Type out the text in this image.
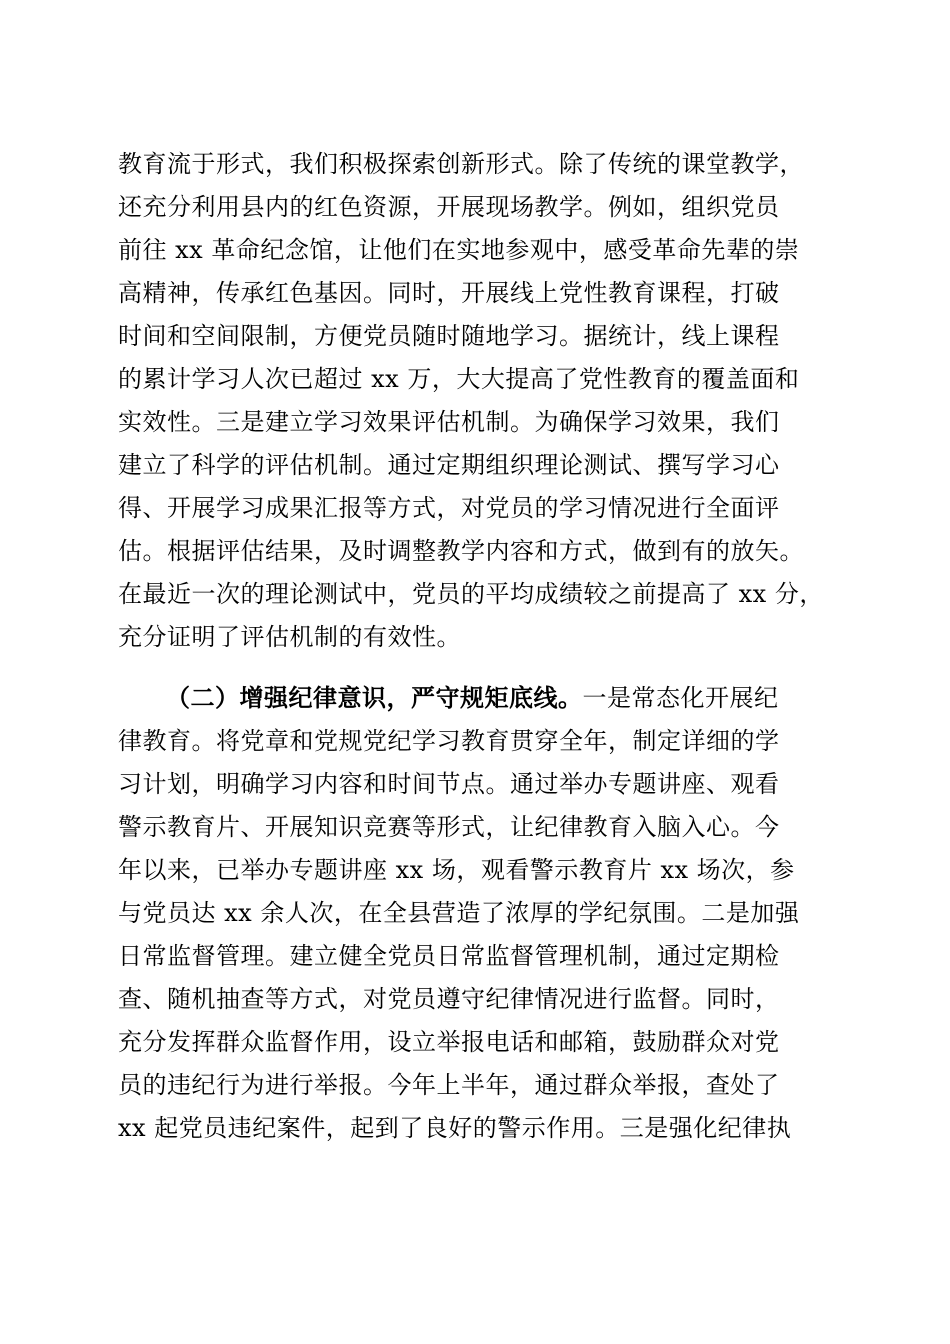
教育流于形式，我们积极探索创新形式。除了传统的课堂教学，
还充分利用县内的红色资源，开展现场教学。例如，组织党员
前往 xx 革命纪念馆，让他们在实地参观中，感受革命先辈的崇
高精神，传承红色基因。同时，开展线上党性教育课程，打破
时间和空间限制，方便党员随时随地学习。据统计，线上课程
的累计学习人次已超过 xx 万，大大提高了党性教育的覆盖面和
实效性。三是建立学习效果评估机制。为确保学习效果，我们
建立了科学的评估机制。通过定期组织理论测试、撰写学习心
得、开展学习成果汇报等方式，对党员的学习情况进行全面评
估。根据评估结果，及时调整教学内容和方式，做到有的放矢。
在最近一次的理论测试中，党员的平均成绩较之前提高了 xx 分，
充分证明了评估机制的有效性。
（二）增强纪律意识，严守规矩底线。一是常态化开展纪
律教育。将党章和党规党纪学习教育贯穿全年，制定详细的学
习计划，明确学习内容和时间节点。通过举办专题讲座、观看
警示教育片、开展知识竞赛等形式，让纪律教育入脑入心。今
年以来，已举办专题讲座 xx 场，观看警示教育片 xx 场次，参
与党员达 xx 余人次，在全县营造了浓厚的学纪氛围。二是加强
日常监督管理。建立健全党员日常监督管理机制，通过定期检
查、随机抽查等方式，对党员遵守纪律情况进行监督。同时，
充分发挥群众监督作用，设立举报电话和邮箱，鼓励群众对党
员的违纪行为进行举报。今年上半年，通过群众举报，查处了
xx 起党员违纪案件，起到了良好的警示作用。三是强化纪律执
